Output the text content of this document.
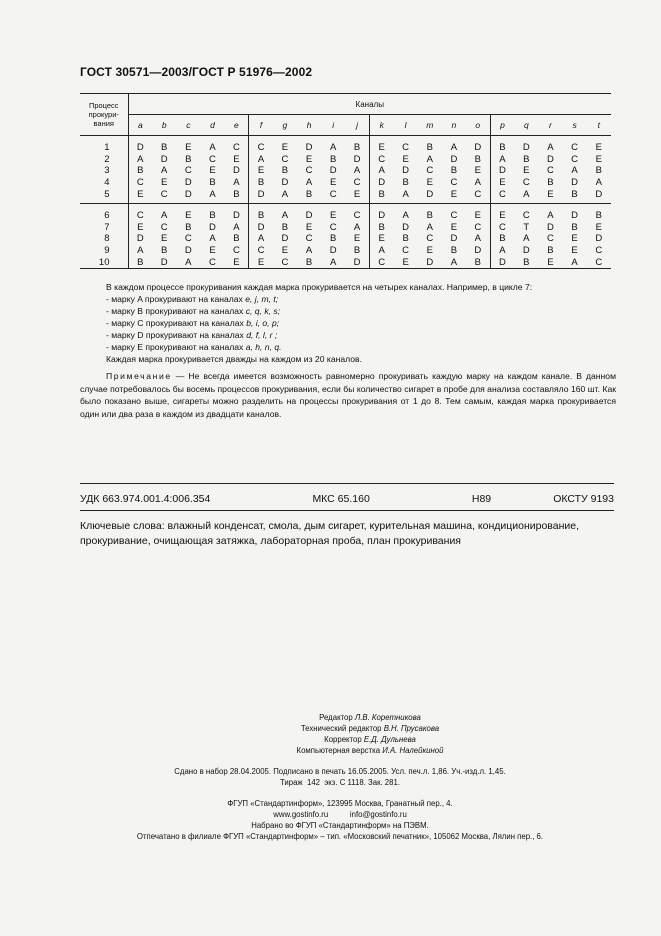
ГОСТ 30571—2003/ГОСТ Р 51976—2002
Процесс
прокури-
вания	Каналы																			
	a	b	c	d	e	f	g	h	i	j	k	l	m	n	o	p	q	r	s	t
1	D	B	E	A	C	C	E	D	A	B	E	C	B	A	D	B	D	A	C	E
2	A	D	B	C	E	A	C	E	B	D	C	E	A	D	B	A	B	D	C	E
3	B	A	C	E	D	E	B	C	D	A	A	D	C	B	E	D	E	C	A	B
4	C	E	D	B	A	B	D	A	E	C	D	B	E	C	A	E	C	B	D	A
5	E	C	D	A	B	D	A	B	C	E	B	A	D	E	C	C	A	E	B	D
6	C	A	E	B	D	B	A	D	E	C	D	A	B	C	E	E	C	A	D	B
7	E	C	B	D	A	D	B	E	C	A	B	D	A	E	C	C	T	D	B	E
8	D	E	C	A	B	A	D	C	B	E	E	B	C	D	A	B	A	C	E	D
9	A	B	D	E	C	C	E	A	D	B	A	C	E	B	D	A	D	B	E	C
10	B	D	A	C	E	E	C	B	A	D	C	E	D	A	B	D	B	E	A	C
В каждом процессе прокуривания каждая марка прокуривается на четырех каналах. Например, в цикле 7:
- марку A прокуривают на каналах e, j, m, t;
- марку B прокуривают на каналах c, q, k, s;
- марку C прокуривают на каналах b, i, o, p;
- марку D прокуривают на каналах d, f, l, r ;
- марку E прокуривают на каналах a, h, n, q.
Каждая марка прокуривается дважды на каждом из 20 каналов.
Примечание — Не всегда имеется возможность равномерно прокуривать каждую марку на каждом канале. В данном случае потребовалось бы восемь процессов прокуривания, если бы количество сигарет в пробе для анализа составляло 160 шт. Как было показано выше, сигареты можно разделить на процессы прокуривания от 1 до 8. Тем самым, каждая марка прокуривается один или два раза в каждом из двадцати каналов.
УДК 663.974.001.4:006.354	МКС 65.160	Н89	ОКСТУ 9193
Ключевые слова: влажный конденсат, смола, дым сигарет, курительная машина, кондиционирование, прокуривание, очищающая затяжка, лабораторная проба, план прокуривания
Редактор Л.В. Коретникова
Технический редактор В.Н. Прусакова
Корректор Е.Д. Дульнева
Компьютерная верстка И.А. Налейкиной
Сдано в набор 28.04.2005. Подписано в печать 16.05.2005. Усл. печ.л. 1,86. Уч.-изд.л. 1,45.
Тираж  142  экз. С 1118. Зак. 281.
ФГУП «Стандартинформ», 123995 Москва, Гранатный пер., 4.
www.gostinfo.ru          info@gostinfo.ru
Набрано во ФГУП «Стандартинформ» на ПЭВМ.
Отпечатано в филиале ФГУП «Стандартинформ» – тип. «Московский печатник», 105062 Москва, Лялин пер., 6.
